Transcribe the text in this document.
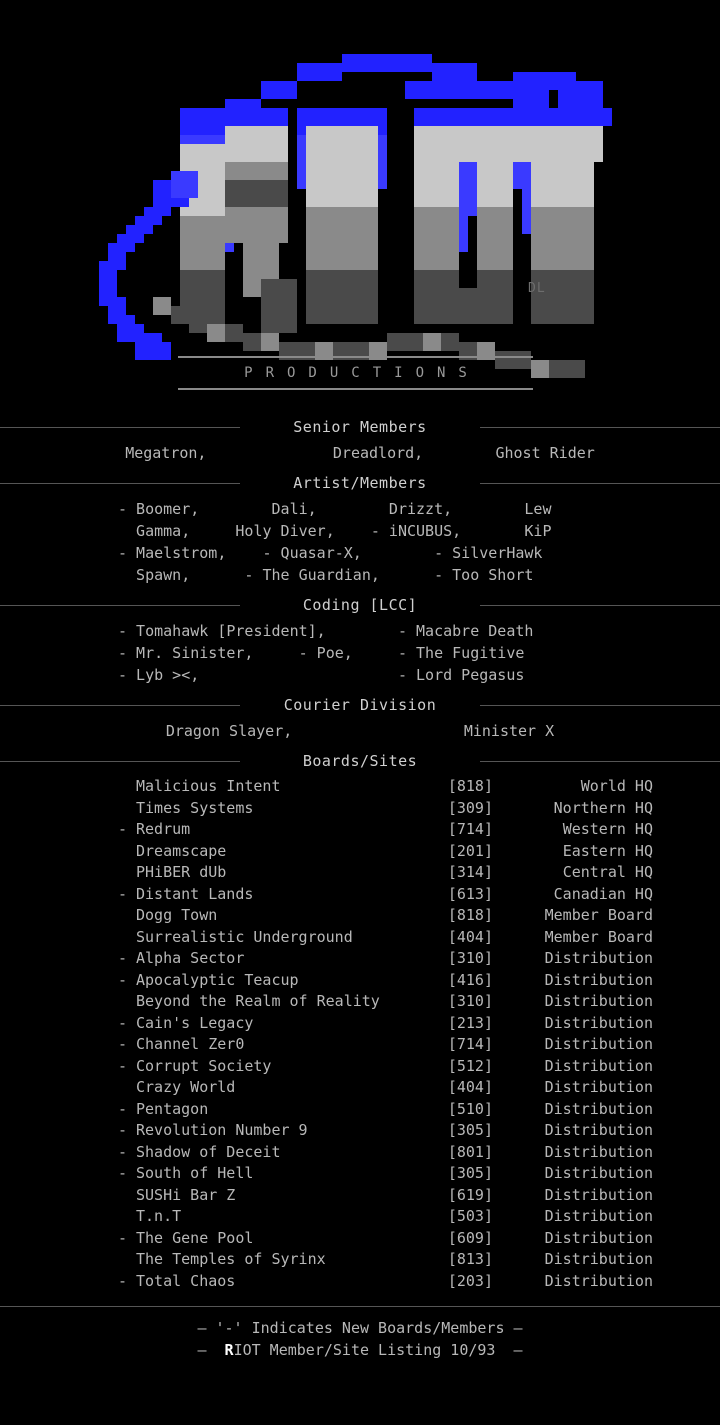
DL
PRODUCTIONS
Senior Members
Megatron,              Dreadlord,        Ghost Rider
Artist/Members
- Boomer,        Dali,        Drizzt,        Lew
Gamma,     Holy Diver,    - iNCUBUS,       KiP
- Maelstrom,    - Quasar-X,        - SilverHawk
Spawn,      - The Guardian,      - Too Short
Coding [LCC]
- Tomahawk [President],        - Macabre Death
- Mr. Sinister,     - Poe,     - The Fugitive
- Lyb ><,                      - Lord Pegasus
Courier Division
Dragon Slayer,                   Minister X
Boards/Sites
Malicious Intent	[818]	World HQ
Times Systems	[309]	Northern HQ
- Redrum	[714]	Western HQ
Dreamscape	[201]	Eastern HQ
PHiBER dUb	[314]	Central HQ
- Distant Lands	[613]	Canadian HQ
Dogg Town	[818]	Member Board
Surrealistic Underground	[404]	Member Board
- Alpha Sector	[310]	Distribution
- Apocalyptic Teacup	[416]	Distribution
Beyond the Realm of Reality	[310]	Distribution
- Cain's Legacy	[213]	Distribution
- Channel Zer0	[714]	Distribution
- Corrupt Society	[512]	Distribution
Crazy World	[404]	Distribution
- Pentagon	[510]	Distribution
- Revolution Number 9	[305]	Distribution
- Shadow of Deceit	[801]	Distribution
- South of Hell	[305]	Distribution
SUSHi Bar Z	[619]	Distribution
T.n.T	[503]	Distribution
- The Gene Pool	[609]	Distribution
The Temples of Syrinx	[813]	Distribution
- Total Chaos	[203]	Distribution
— '-' Indicates New Boards/Members —
—  RIOT Member/Site Listing 10/93  —
